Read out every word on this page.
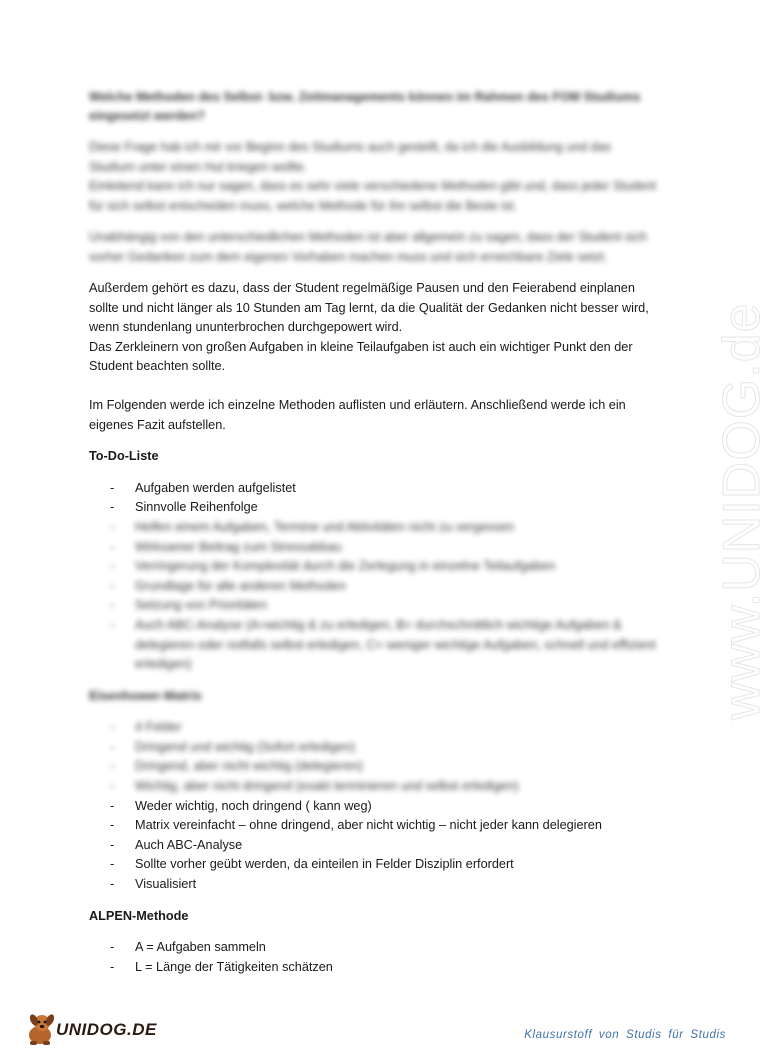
www.UNIDOG.de
Welche Methoden des Selbst- bzw. Zeitmanagements können im Rahmen des FOM Studiums eingesetzt werden?

Diese Frage hab ich mir vor Beginn des Studiums auch gestellt, da ich die Ausbildung und das

Studium unter einen Hut kriegen wollte.

Einleitend kann ich nur sagen, dass es sehr viele verschiedene Methoden gibt und, dass jeder Student

für sich selbst entscheiden muss, welche Methode für ihn selbst die Beste ist.

Unabhängig von den unterschiedlichen Methoden ist aber allgemein zu sagen, dass der Student sich

vorher Gedanken zum dem eigenen Vorhaben machen muss und sich erreichbare Ziele setzt.

Außerdem gehört es dazu, dass der Student regelmäßige Pausen und den Feierabend einplanen

sollte und nicht länger als 10 Stunden am Tag lernt, da die Qualität der Gedanken nicht besser wird,

wenn stundenlang ununterbrochen durchgepowert wird.

Das Zerkleinern von großen Aufgaben in kleine Teilaufgaben ist auch ein wichtiger Punkt den der

Student beachten sollte.

Im Folgenden werde ich einzelne Methoden auflisten und erläutern. Anschließend werde ich ein

eigenes Fazit aufstellen.

To-Do-Liste
- Aufgaben werden aufgelistet
- Sinnvolle Reihenfolge
- Helfen einem Aufgaben, Termine und Aktivitäten nicht zu vergessen
- Wirksamer Beitrag zum Stressabbau
- Verringerung der Komplexität durch die Zerlegung in einzelne Teilaufgaben
- Grundlage für alle anderen Methoden
- Setzung von Prioritäten
- Auch ABC-Analyse (A=wichtig & zu erledigen, B= durchschnittlich wichtige Aufgaben & delegieren oder notfalls selbst erledigen, C= weniger wichtige Aufgaben, schnell und effizient erledigen)
Eisenhower-Matrix
- 4 Felder
- Dringend und wichtig (Sofort erledigen)
- Dringend, aber nicht wichtig (delegieren)
- Wichtig, aber nicht dringend (exakt terminieren und selbst erledigen)
- Weder wichtig, noch dringend ( kann weg)
- Matrix vereinfacht – ohne dringend, aber nicht wichtig – nicht jeder kann delegieren
- Auch ABC-Analyse
- Sollte vorher geübt werden, da einteilen in Felder Disziplin erfordert
- Visualisiert
ALPEN-Methode
- A = Aufgaben sammeln
- L = Länge der Tätigkeiten schätzen
UNIDOG.DE	Klausurstoff von Studis für Studis
